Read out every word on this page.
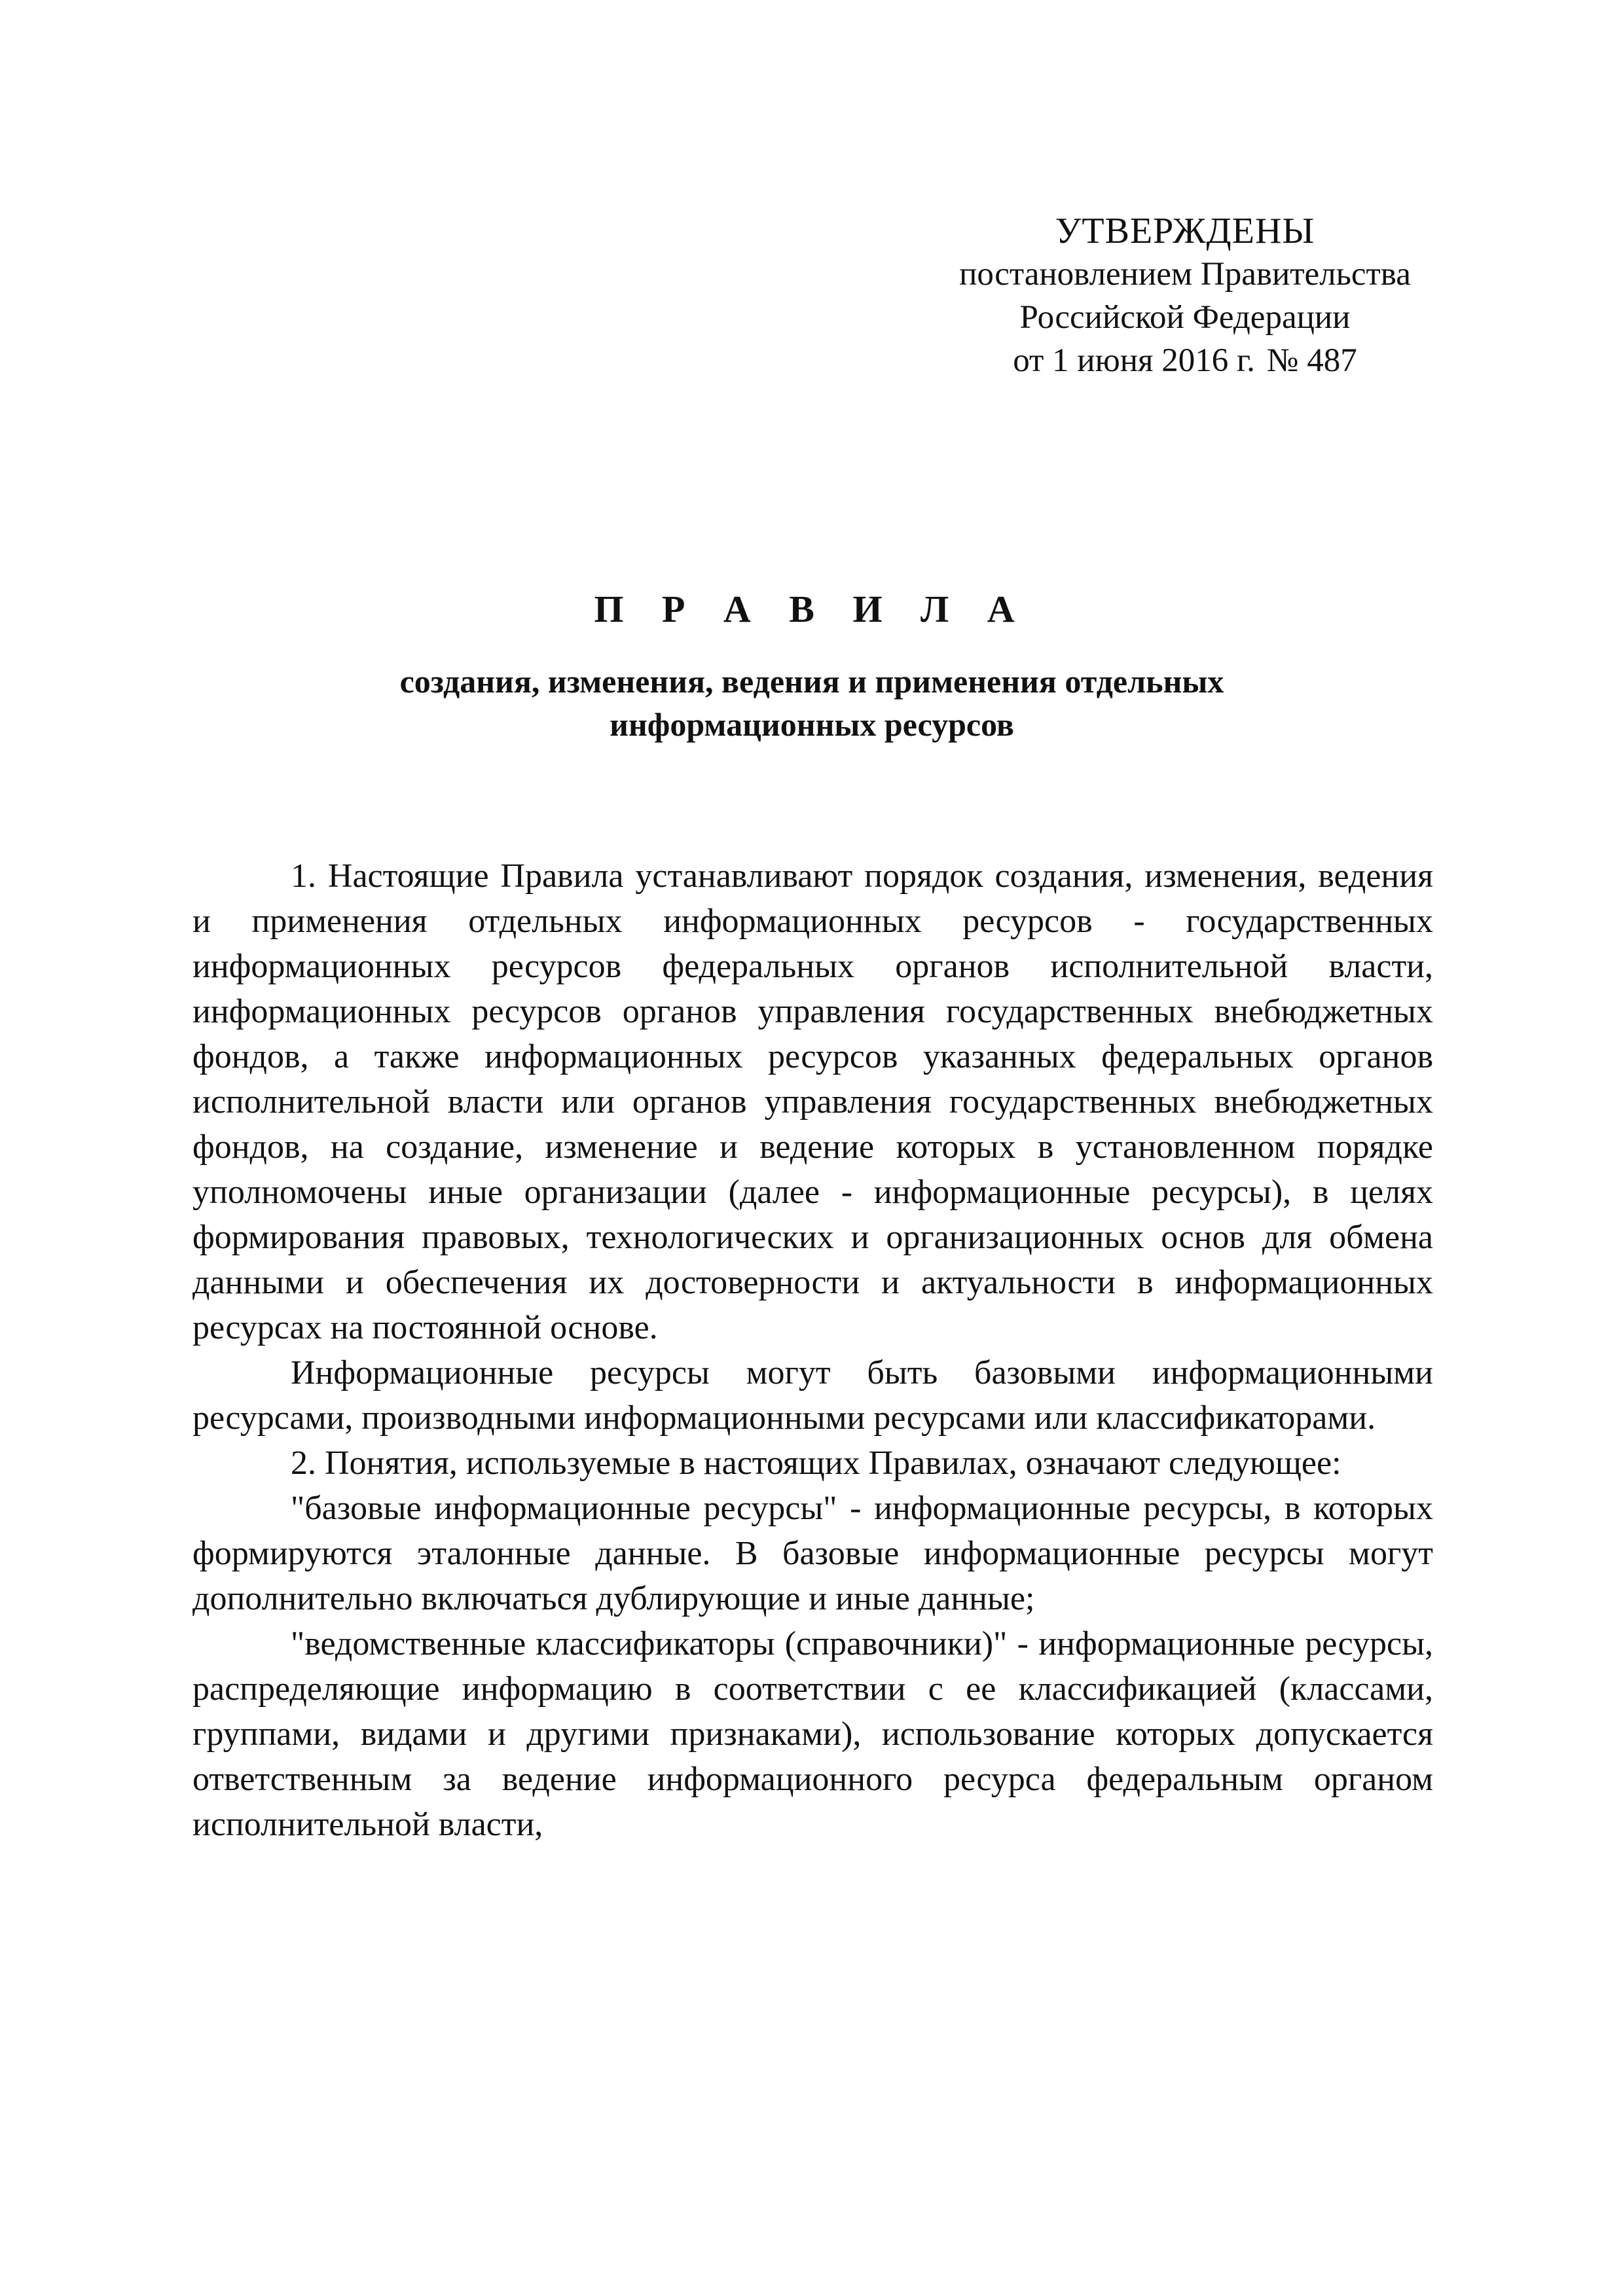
УТВЕРЖДЕНЫ
постановлением Правительства
Российской Федерации
от 1 июня 2016 г. № 487
П Р А В И Л А
создания, изменения, ведения и применения отдельных
информационных ресурсов

1. Настоящие Правила устанавливают порядок создания, изменения, ведения и применения отдельных информационных ресурсов - государственных информационных ресурсов федеральных органов исполнительной власти, информационных ресурсов органов управления государственных внебюджетных фондов, а также информационных ресурсов указанных федеральных органов исполнительной власти или органов управления государственных внебюджетных фондов, на создание, изменение и ведение которых в установленном порядке уполномочены иные организации (далее - информационные ресурсы), в целях формирования правовых, технологических и организационных основ для обмена данными и обеспечения их достоверности и актуальности в информационных ресурсах на постоянной основе.

Информационные ресурсы могут быть базовыми информационными ресурсами, производными информационными ресурсами или классификаторами.

2. Понятия, используемые в настоящих Правилах, означают следующее:

"базовые информационные ресурсы" - информационные ресурсы, в которых формируются эталонные данные. В базовые информационные ресурсы могут дополнительно включаться дублирующие и иные данные;

"ведомственные классификаторы (справочники)" - информационные ресурсы, распределяющие информацию в соответствии с ее классификацией (классами, группами, видами и другими признаками), использование которых допускается ответственным за ведение информационного ресурса федеральным органом исполнительной власти,
